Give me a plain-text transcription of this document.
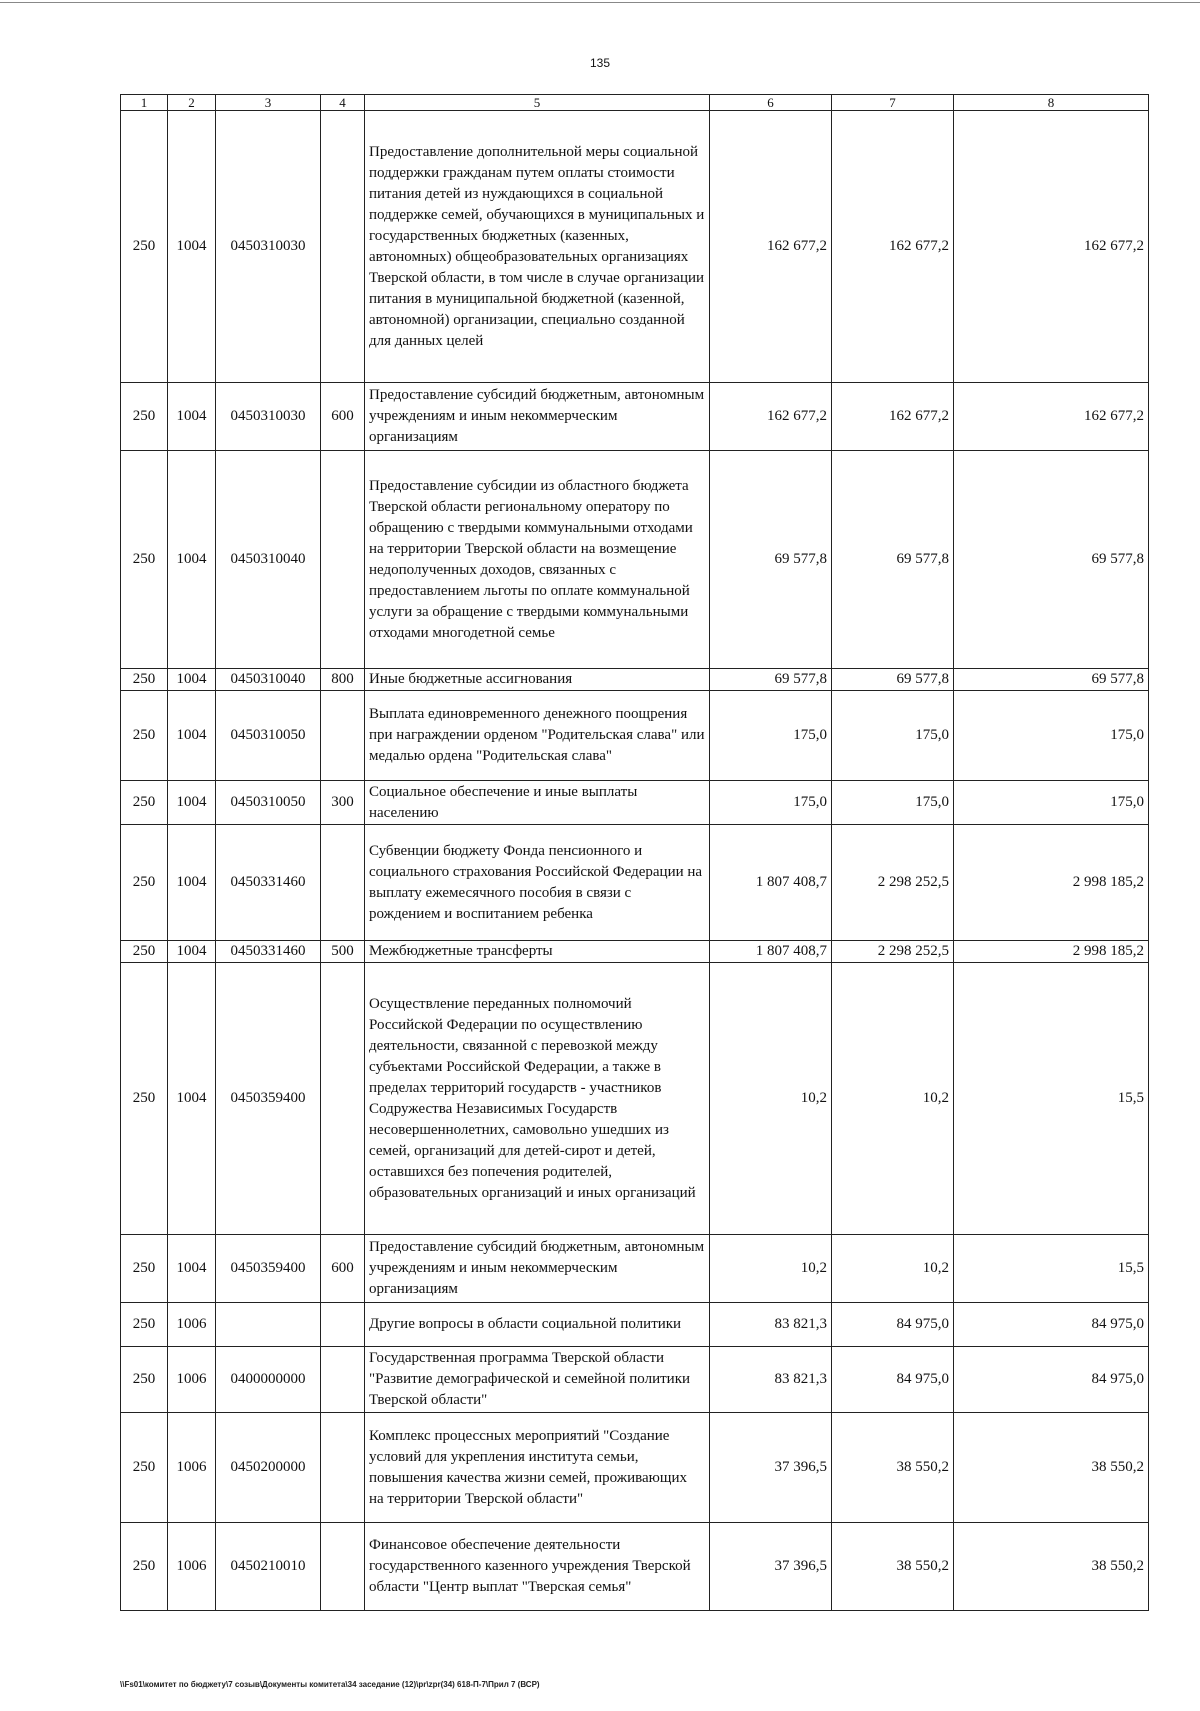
135
1	2	3	4	5	6	7	8
250	1004	0450310030		Предоставление дополнительной меры социальной поддержки гражданам путем оплаты стоимости питания детей из нуждающихся в социальной поддержке семей, обучающихся в муниципальных и государственных бюджетных (казенных, автономных) общеобразовательных организациях Тверской области, в том числе в случае организации питания в муниципальной бюджетной (казенной, автономной) организации, специально созданной для данных целей	162 677,2	162 677,2	162 677,2
250	1004	0450310030	600	Предоставление субсидий бюджетным, автономным учреждениям и иным некоммерческим организациям	162 677,2	162 677,2	162 677,2
250	1004	0450310040		Предоставление субсидии из областного бюджета Тверской области региональному оператору по обращению с твердыми коммунальными отходами на территории Тверской области на возмещение недополученных доходов, связанных с предоставлением льготы по оплате коммунальной услуги за обращение с твердыми коммунальными отходами многодетной семье	69 577,8	69 577,8	69 577,8
250	1004	0450310040	800	Иные бюджетные ассигнования	69 577,8	69 577,8	69 577,8
250	1004	0450310050		Выплата единовременного денежного поощрения при награждении орденом "Родительская слава" или медалью ордена "Родительская слава"	175,0	175,0	175,0
250	1004	0450310050	300	Социальное обеспечение и иные выплаты населению	175,0	175,0	175,0
250	1004	0450331460		Субвенции бюджету Фонда пенсионного и социального страхования Российской Федерации на выплату ежемесячного пособия в связи с рождением и воспитанием ребенка	1 807 408,7	2 298 252,5	2 998 185,2
250	1004	0450331460	500	Межбюджетные трансферты	1 807 408,7	2 298 252,5	2 998 185,2
250	1004	0450359400		Осуществление переданных полномочий Российской Федерации по осуществлению деятельности, связанной с перевозкой между субъектами Российской Федерации, а также в пределах территорий государств - участников Содружества Независимых Государств несовершеннолетних, самовольно ушедших из семей, организаций для детей-сирот и детей, оставшихся без попечения родителей, образовательных организаций и иных организаций	10,2	10,2	15,5
250	1004	0450359400	600	Предоставление субсидий бюджетным, автономным учреждениям и иным некоммерческим организациям	10,2	10,2	15,5
250	1006			Другие вопросы в области социальной политики	83 821,3	84 975,0	84 975,0
250	1006	0400000000		Государственная программа Тверской области "Развитие демографической и семейной политики Тверской области"	83 821,3	84 975,0	84 975,0
250	1006	0450200000		Комплекс процессных мероприятий "Создание условий для укрепления института семьи, повышения качества жизни семей, проживающих на территории Тверской области"	37 396,5	38 550,2	38 550,2
250	1006	0450210010		Финансовое обеспечение деятельности государственного казенного учреждения Тверской области "Центр выплат "Тверская семья"	37 396,5	38 550,2	38 550,2
\\Fs01\комитет по бюджету\7 созыв\Документы комитета\34 заседание (12)\pr\zpr(34) 618-П-7\Прил 7 (ВСР)
